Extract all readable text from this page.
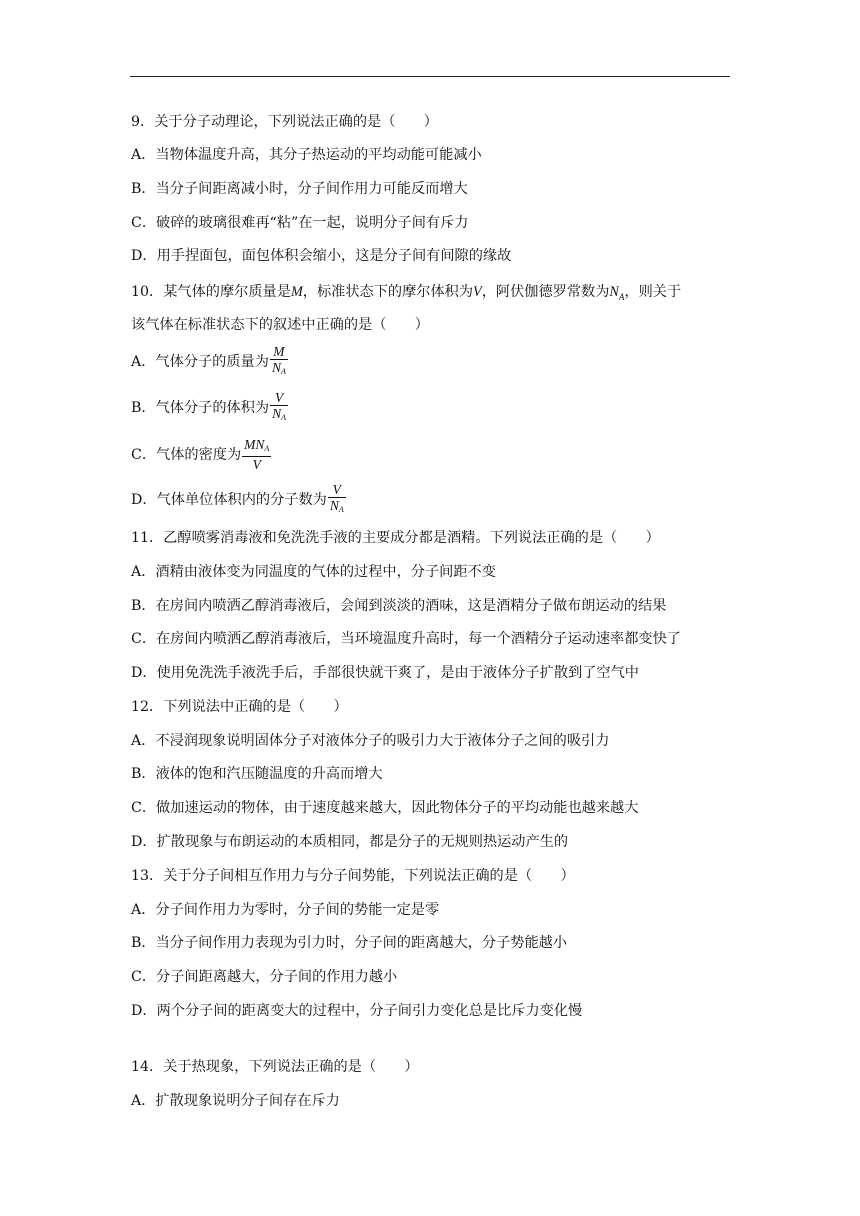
9．关于分子动理论，下列说法正确的是（　　）
A．当物体温度升高，其分子热运动的平均动能可能减小
B．当分子间距离减小时，分子间作用力可能反而增大
C．破碎的玻璃很难再“粘”在一起，说明分子间有斥力
D．用手捏面包，面包体积会缩小，这是分子间有间隙的缘故
10．某气体的摩尔质量是M，标准状态下的摩尔体积为V，阿伏伽德罗常数为$N_A$，则关于
该气体在标准状态下的叙述中正确的是（　　）
A．气体分子的质量为 $\frac{M}{N_A}$
B．气体分子的体积为 $\frac{V}{N_A}$
C．气体的密度为 $\frac{MN_A}{V}$
D．气体单位体积内的分子数为 $\frac{V}{N_A}$
11．乙醇喷雾消毒液和免洗洗手液的主要成分都是酒精。下列说法正确的是（　　）
A．酒精由液体变为同温度的气体的过程中，分子间距不变
B．在房间内喷洒乙醇消毒液后，会闻到淡淡的酒味，这是酒精分子做布朗运动的结果
C．在房间内喷洒乙醇消毒液后，当环境温度升高时，每一个酒精分子运动速率都变快了
D．使用免洗洗手液洗手后，手部很快就干爽了，是由于液体分子扩散到了空气中
12．下列说法中正确的是（　　）
A．不浸润现象说明固体分子对液体分子的吸引力大于液体分子之间的吸引力
B．液体的饱和汽压随温度的升高而增大
C．做加速运动的物体，由于速度越来越大，因此物体分子的平均动能也越来越大
D．扩散现象与布朗运动的本质相同，都是分子的无规则热运动产生的
13．关于分子间相互作用力与分子间势能，下列说法正确的是（　　）
A．分子间作用力为零时，分子间的势能一定是零
B．当分子间作用力表现为引力时，分子间的距离越大，分子势能越小
C．分子间距离越大，分子间的作用力越小
D．两个分子间的距离变大的过程中，分子间引力变化总是比斥力变化慢
14．关于热现象，下列说法正确的是（　　）
A．扩散现象说明分子间存在斥力
